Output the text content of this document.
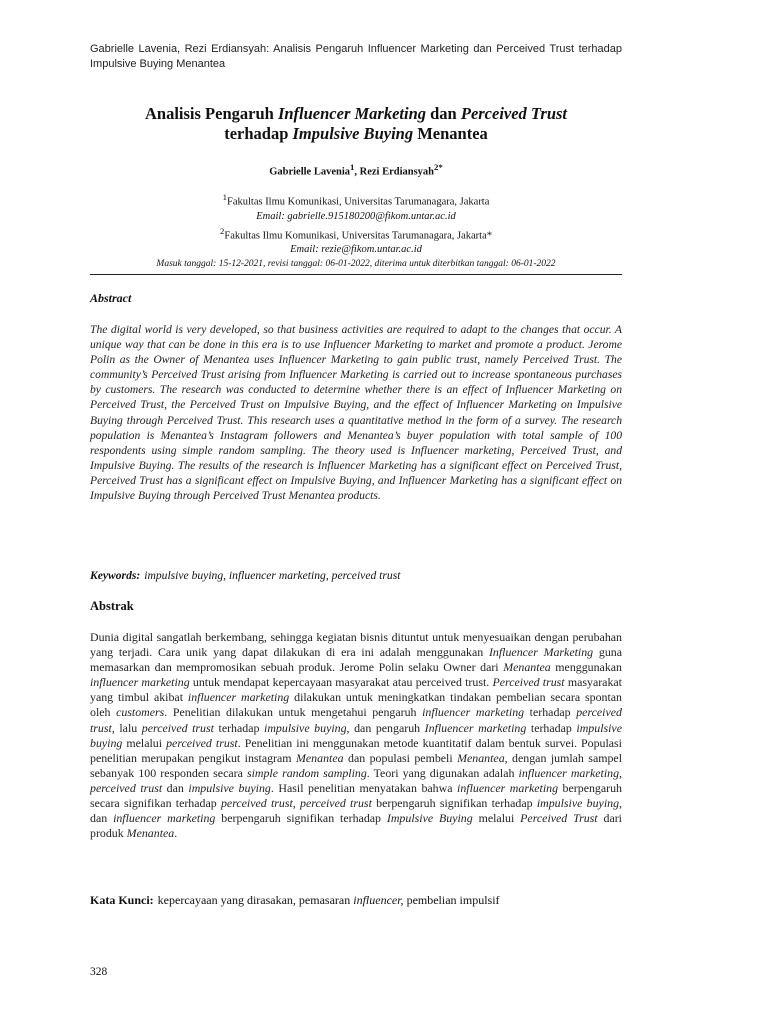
Gabrielle Lavenia, Rezi Erdiansyah: Analisis Pengaruh Influencer Marketing dan Perceived Trust terhadap Impulsive Buying Menantea
Analisis Pengaruh Influencer Marketing dan Perceived Trust
terhadap Impulsive Buying Menantea
Gabrielle Lavenia$^1$, Rezi Erdiansyah$^{2*}$
$^1$Fakultas Ilmu Komunikasi, Universitas Tarumanagara, Jakarta
Email: gabrielle.915180200@fikom.untar.ac.id
$^2$Fakultas Ilmu Komunikasi, Universitas Tarumanagara, Jakarta*
Email: rezie@fikom.untar.ac.id
Masuk tanggal: 15-12-2021, revisi tanggal: 06-01-2022, diterima untuk diterbitkan tanggal: 06-01-2022
Abstract
The digital world is very developed, so that business activities are required to adapt to the changes that occur. A unique way that can be done in this era is to use Influencer Marketing to market and promote a product. Jerome Polin as the Owner of Menantea uses Influencer Marketing to gain public trust, namely Perceived Trust. The community’s Perceived Trust arising from Influencer Marketing is carried out to increase spontaneous purchases by customers. The research was conducted to determine whether there is an effect of Influencer Marketing on Perceived Trust, the Perceived Trust on Impulsive Buying, and the effect of Influencer Marketing on Impulsive Buying through Perceived Trust. This research uses a quantitative method in the form of a survey. The research population is Menantea’s Instagram followers and Menantea’s buyer population with total sample of 100 respondents using simple random sampling. The theory used is Influencer marketing, Perceived Trust, and Impulsive Buying. The results of the research is Influencer Marketing has a significant effect on Perceived Trust, Perceived Trust has a significant effect on Impulsive Buying, and Influencer Marketing has a significant effect on Impulsive Buying through Perceived Trust Menantea products.
Keywords: impulsive buying, influencer marketing, perceived trust
Abstrak
Dunia digital sangatlah berkembang, sehingga kegiatan bisnis dituntut untuk menyesuaikan dengan perubahan yang terjadi. Cara unik yang dapat dilakukan di era ini adalah menggunakan Influencer Marketing guna memasarkan dan mempromosikan sebuah produk. Jerome Polin selaku Owner dari Menantea menggunakan influencer marketing untuk mendapat kepercayaan masyarakat atau perceived trust. Perceived trust masyarakat yang timbul akibat influencer marketing dilakukan untuk meningkatkan tindakan pembelian secara spontan oleh customers. Penelitian dilakukan untuk mengetahui pengaruh influencer marketing terhadap perceived trust, lalu perceived trust terhadap impulsive buying, dan pengaruh Influencer marketing terhadap impulsive buying melalui perceived trust. Penelitian ini menggunakan metode kuantitatif dalam bentuk survei. Populasi penelitian merupakan pengikut instagram Menantea dan populasi pembeli Menantea, dengan jumlah sampel sebanyak 100 responden secara simple random sampling. Teori yang digunakan adalah influencer marketing, perceived trust dan impulsive buying. Hasil penelitian menyatakan bahwa influencer marketing berpengaruh secara signifikan terhadap perceived trust, perceived trust berpengaruh signifikan terhadap impulsive buying, dan influencer marketing berpengaruh signifikan terhadap Impulsive Buying melalui Perceived Trust dari produk Menantea.
Kata Kunci: kepercayaan yang dirasakan, pemasaran influencer, pembelian impulsif
328
